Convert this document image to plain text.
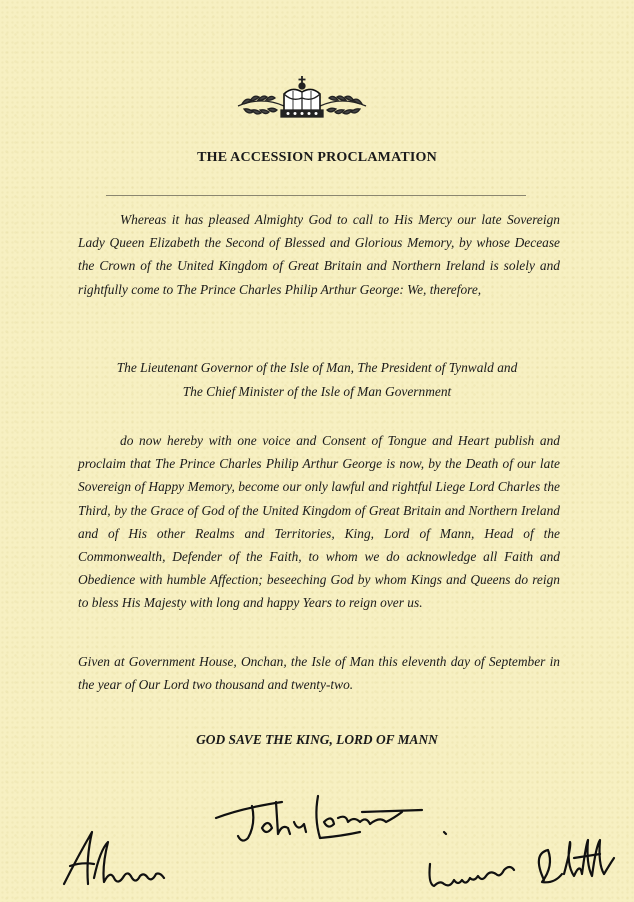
THE ACCESSION PROCLAMATION

Whereas it has pleased Almighty God to call to His Mercy our late Sovereign Lady Queen Elizabeth the Second of Blessed and Glorious Memory, by whose Decease the Crown of the United Kingdom of Great Britain and Northern Ireland is solely and rightfully come to The Prince Charles Philip Arthur George: We, therefore,

The Lieutenant Governor of the Isle of Man, The President of Tynwald and
The Chief Minister of the Isle of Man Government

do now hereby with one voice and Consent of Tongue and Heart publish and proclaim that The Prince Charles Philip Arthur George is now, by the Death of our late Sovereign of Happy Memory, become our only lawful and rightful Liege Lord Charles the Third, by the Grace of God of the United Kingdom of Great Britain and Northern Ireland and of His other Realms and Territories, King, Lord of Mann, Head of the Commonwealth, Defender of the Faith, to whom we do acknowledge all Faith and Obedience with humble Affection; beseeching God by whom Kings and Queens do reign to bless His Majesty with long and happy Years to reign over us.

Given at Government House, Onchan, the Isle of Man this eleventh day of September in the year of Our Lord two thousand and twenty-two.

GOD SAVE THE KING, LORD OF MANN
